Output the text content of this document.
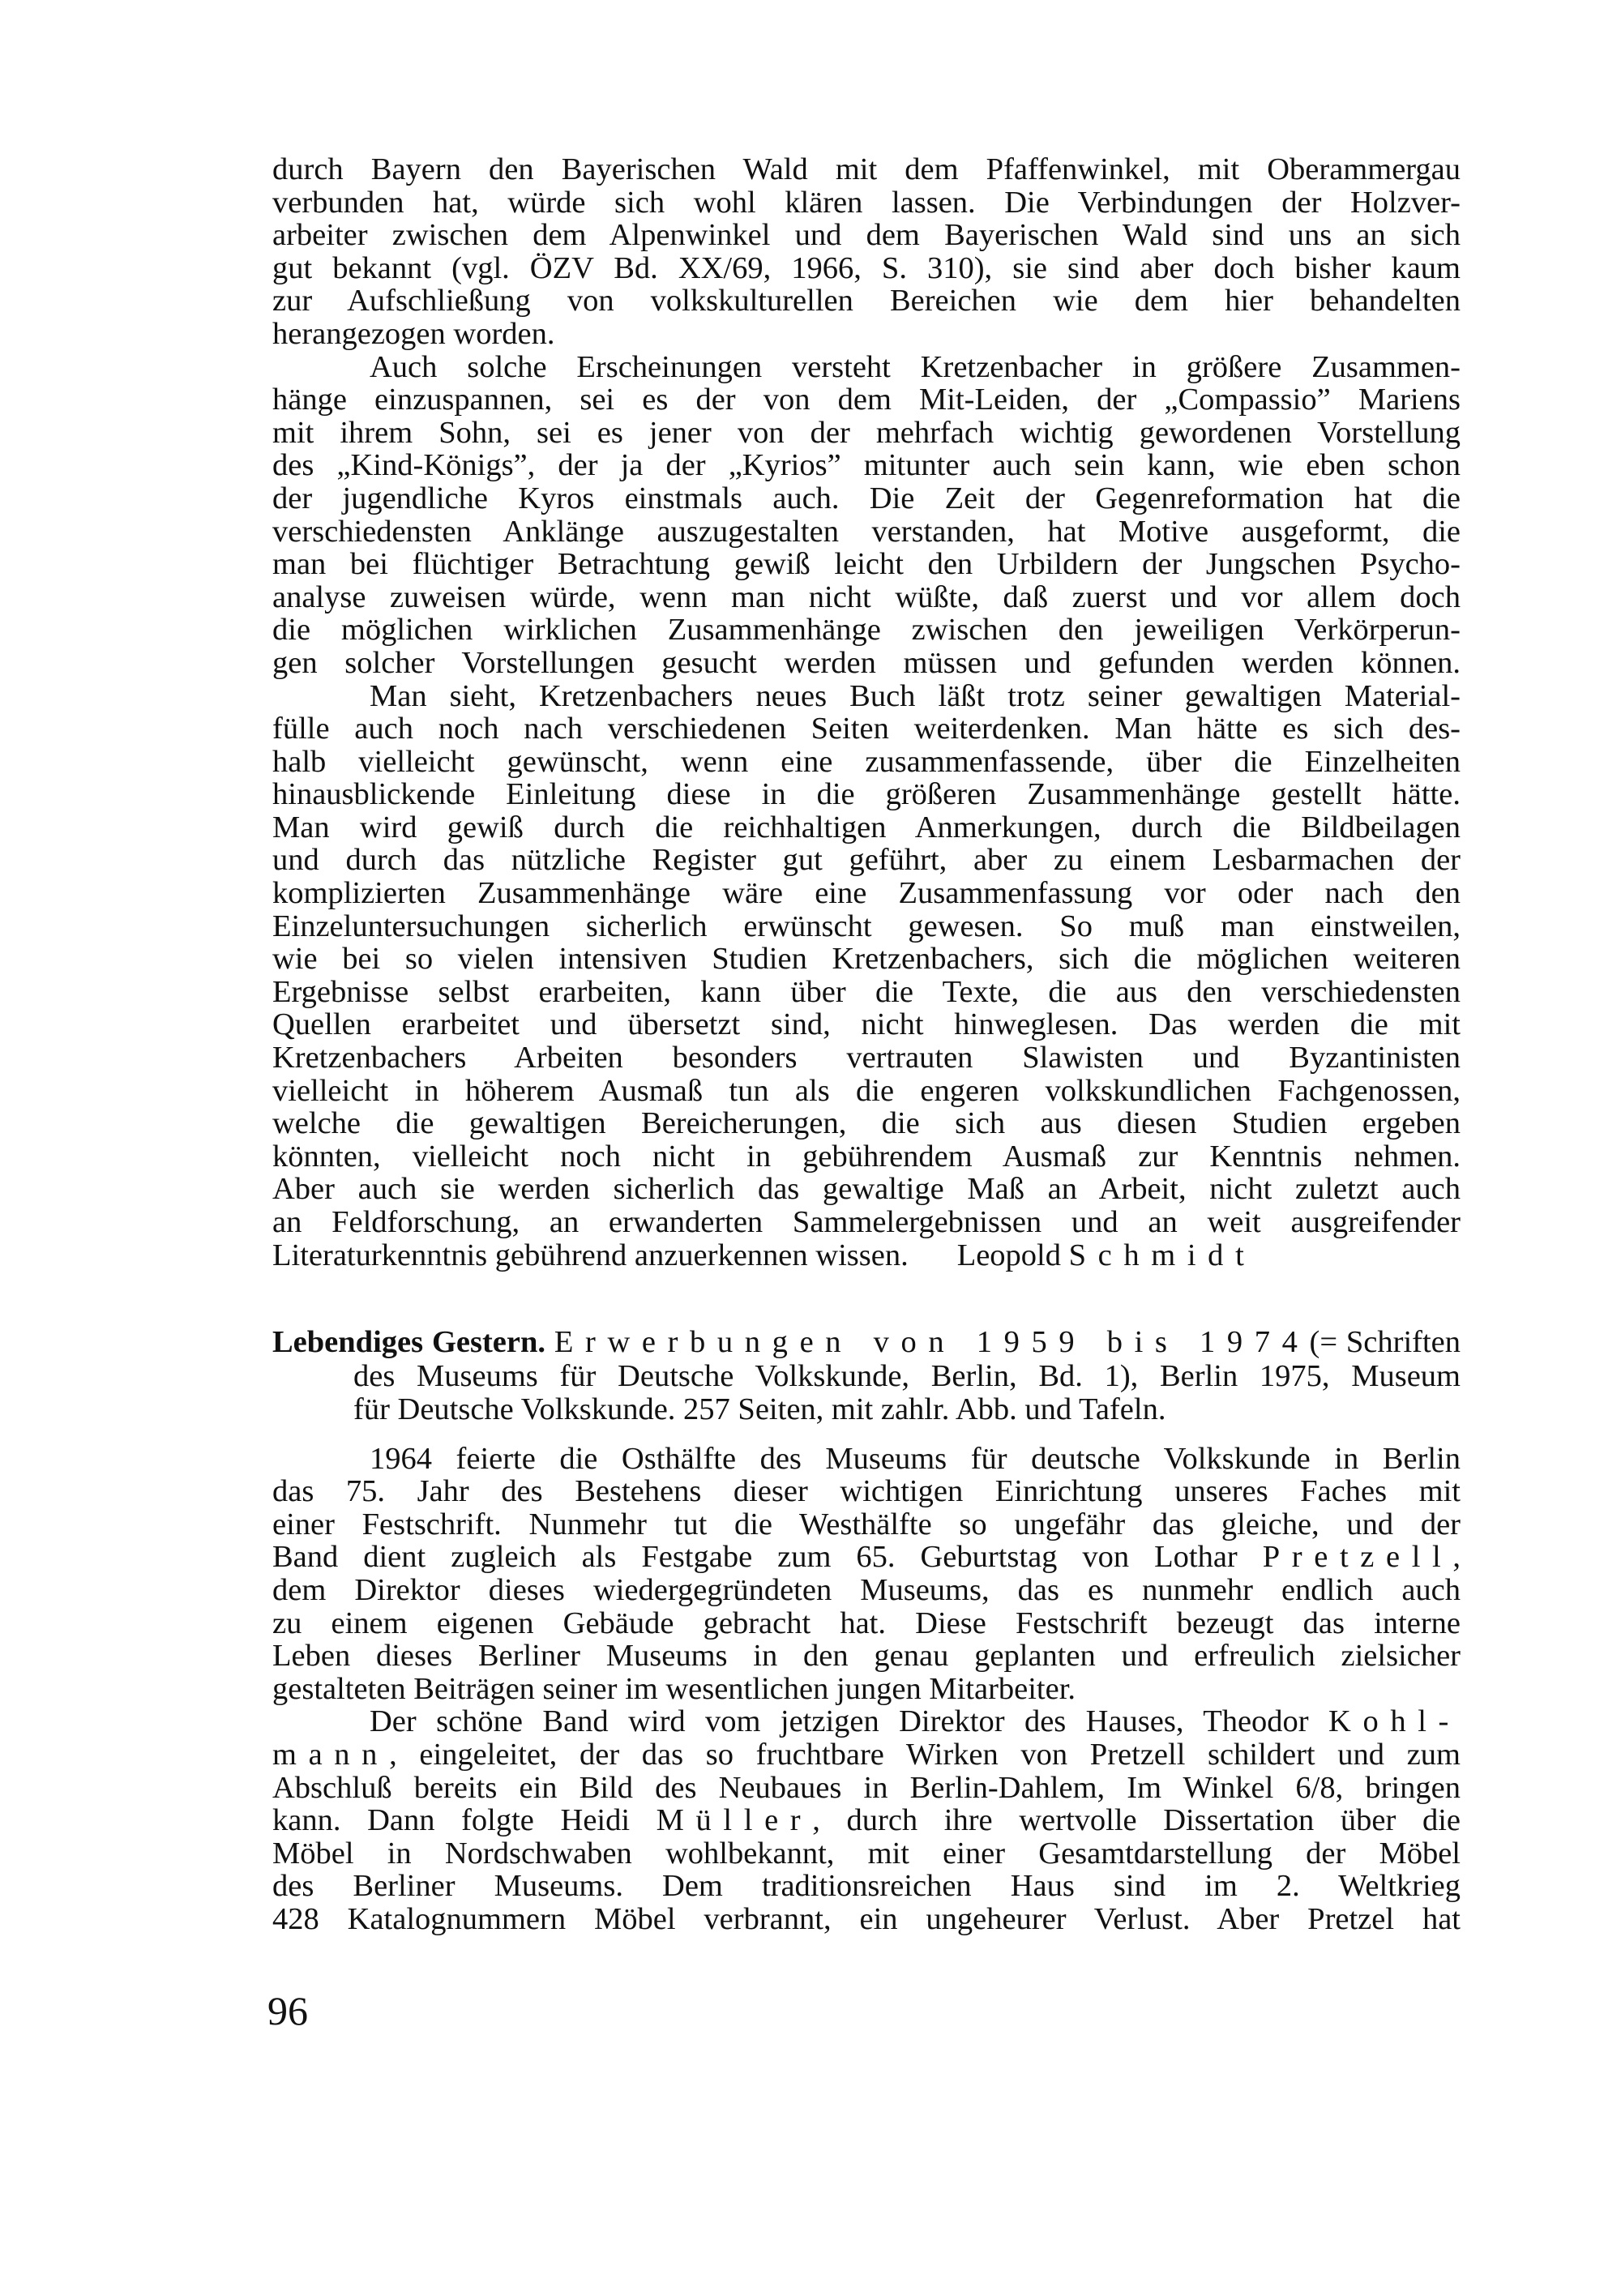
durch Bayern den Bayerischen Wald mit dem Pfaffenwinkel, mit Oberammergau
verbunden hat, würde sich wohl klären lassen. Die Verbindungen der Holzver-
arbeiter zwischen dem Alpenwinkel und dem Bayerischen Wald sind uns an sich
gut bekannt (vgl. ÖZV Bd. XX/69, 1966, S. 310), sie sind aber doch bisher kaum
zur Aufschließung von volkskulturellen Bereichen wie dem hier behandelten
herangezogen worden.
Auch solche Erscheinungen versteht Kretzenbacher in größere Zusammen-
hänge einzuspannen, sei es der von dem Mit-Leiden, der „Compassio” Mariens
mit ihrem Sohn, sei es jener von der mehrfach wichtig gewordenen Vorstellung
des „Kind-Königs”, der ja der „Kyrios” mitunter auch sein kann, wie eben schon
der jugendliche Kyros einstmals auch. Die Zeit der Gegenreformation hat die
verschiedensten Anklänge auszugestalten verstanden, hat Motive ausgeformt, die
man bei flüchtiger Betrachtung gewiß leicht den Urbildern der Jungschen Psycho-
analyse zuweisen würde, wenn man nicht wüßte, daß zuerst und vor allem doch
die möglichen wirklichen Zusammenhänge zwischen den jeweiligen Verkörperun-
gen solcher Vorstellungen gesucht werden müssen und gefunden werden können.
Man sieht, Kretzenbachers neues Buch läßt trotz seiner gewaltigen Material-
fülle auch noch nach verschiedenen Seiten weiterdenken. Man hätte es sich des-
halb vielleicht gewünscht, wenn eine zusammenfassende, über die Einzelheiten
hinausblickende Einleitung diese in die größeren Zusammenhänge gestellt hätte.
Man wird gewiß durch die reichhaltigen Anmerkungen, durch die Bildbeilagen
und durch das nützliche Register gut geführt, aber zu einem Lesbarmachen der
komplizierten Zusammenhänge wäre eine Zusammenfassung vor oder nach den
Einzeluntersuchungen sicherlich erwünscht gewesen. So muß man einstweilen,
wie bei so vielen intensiven Studien Kretzenbachers, sich die möglichen weiteren
Ergebnisse selbst erarbeiten, kann über die Texte, die aus den verschiedensten
Quellen erarbeitet und übersetzt sind, nicht hinweglesen. Das werden die mit
Kretzenbachers Arbeiten besonders vertrauten Slawisten und Byzantinisten
vielleicht in höherem Ausmaß tun als die engeren volkskundlichen Fachgenossen,
welche die gewaltigen Bereicherungen, die sich aus diesen Studien ergeben
könnten, vielleicht noch nicht in gebührendem Ausmaß zur Kenntnis nehmen.
Aber auch sie werden sicherlich das gewaltige Maß an Arbeit, nicht zuletzt auch
an Feldforschung, an erwanderten Sammelergebnissen und an weit ausgreifender
Literaturkenntnis gebührend anzuerkennen wissen. Leopold Schmidt
Lebendiges Gestern. Erwerbungen von 1959 bis 1974(= Schriften
des Museums für Deutsche Volkskunde, Berlin, Bd. 1), Berlin 1975, Museum
für Deutsche Volkskunde. 257 Seiten, mit zahlr. Abb. und Tafeln.
1964 feierte die Osthälfte des Museums für deutsche Volkskunde in Berlin
das 75. Jahr des Bestehens dieser wichtigen Einrichtung unseres Faches mit
einer Festschrift. Nunmehr tut die Westhälfte so ungefähr das gleiche, und der
Band dient zugleich als Festgabe zum 65. Geburtstag von Lothar Pretzell,
dem Direktor dieses wiedergegründeten Museums, das es nunmehr endlich auch
zu einem eigenen Gebäude gebracht hat. Diese Festschrift bezeugt das interne
Leben dieses Berliner Museums in den genau geplanten und erfreulich zielsicher
gestalteten Beiträgen seiner im wesentlichen jungen Mitarbeiter.
Der schöne Band wird vom jetzigen Direktor des Hauses, Theodor Kohl-
mann, eingeleitet, der das so fruchtbare Wirken von Pretzell schildert und zum
Abschluß bereits ein Bild des Neubaues in Berlin-Dahlem, Im Winkel 6/8, bringen
kann. Dann folgte Heidi Müller, durch ihre wertvolle Dissertation über die
Möbel in Nordschwaben wohlbekannt, mit einer Gesamtdarstellung der Möbel
des Berliner Museums. Dem traditionsreichen Haus sind im 2. Weltkrieg
428 Katalognummern Möbel verbrannt, ein ungeheurer Verlust. Aber Pretzel hat
96
